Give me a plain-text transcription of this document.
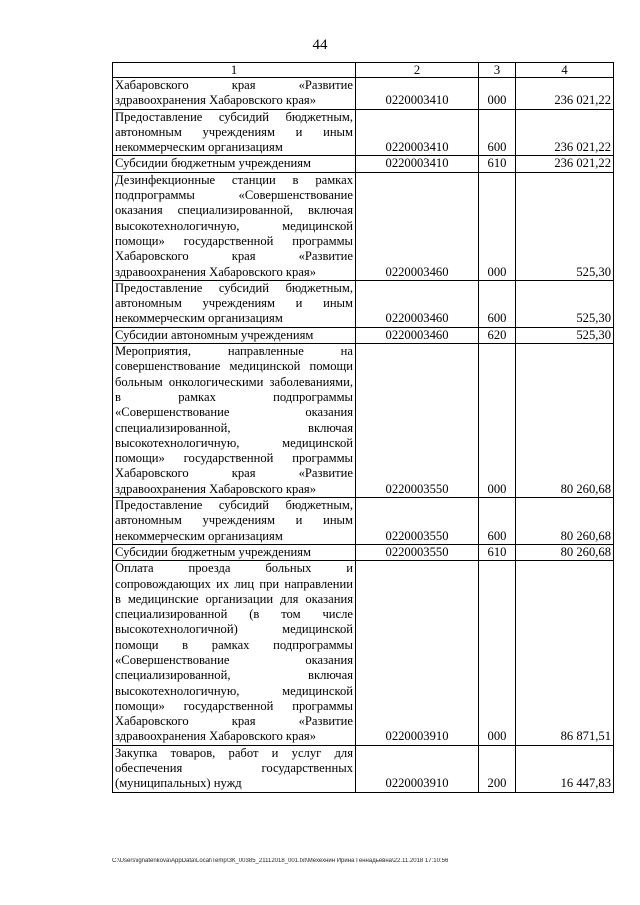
44
1	2	3	4
Хабаровского края «Развитие здравоохранения Хабаровского края»	0220003410	000	236 021,22
Предоставление субсидий бюджетным, автономным учреждениям и иным некоммерческим организациям	0220003410	600	236 021,22
Субсидии бюджетным учреждениям	0220003410	610	236 021,22
Дезинфекционные станции в рамках подпрограммы «Совершенствование оказания специализированной, включая высокотехнологичную, медицинской помощи» государственной программы Хабаровского края «Развитие здравоохранения Хабаровского края»	0220003460	000	525,30
Предоставление субсидий бюджетным, автономным учреждениям и иным некоммерческим организациям	0220003460	600	525,30
Субсидии автономным учреждениям	0220003460	620	525,30
Мероприятия, направленные на совершенствование медицинской помощи больным онкологическими заболеваниями, в рамках подпрограммы «Совершенствование оказания специализированной, включая высокотехнологичную, медицинской помощи» государственной программы Хабаровского края «Развитие здравоохранения Хабаровского края»	0220003550	000	80 260,68
Предоставление субсидий бюджетным, автономным учреждениям и иным некоммерческим организациям	0220003550	600	80 260,68
Субсидии бюджетным учреждениям	0220003550	610	80 260,68
Оплата проезда больных и сопровождающих их лиц при направлении в медицинские организации для оказания специализированной (в том числе высокотехнологичной) медицинской помощи в рамках подпрограммы «Совершенствование оказания специализированной, включая высокотехнологичную, медицинской помощи» государственной программы Хабаровского края «Развитие здравоохранения Хабаровского края»	0220003910	000	86 871,51
Закупка товаров, работ и услуг для обеспечения государственных (муниципальных) нужд	0220003910	200	16 447,83
C:\Users\ignatenkova\AppData\Local\Temp\ЗК_00385_21112018_001.txt\Мехехнин Ирина Геннадьевна\22.11.2018 17:10:56
